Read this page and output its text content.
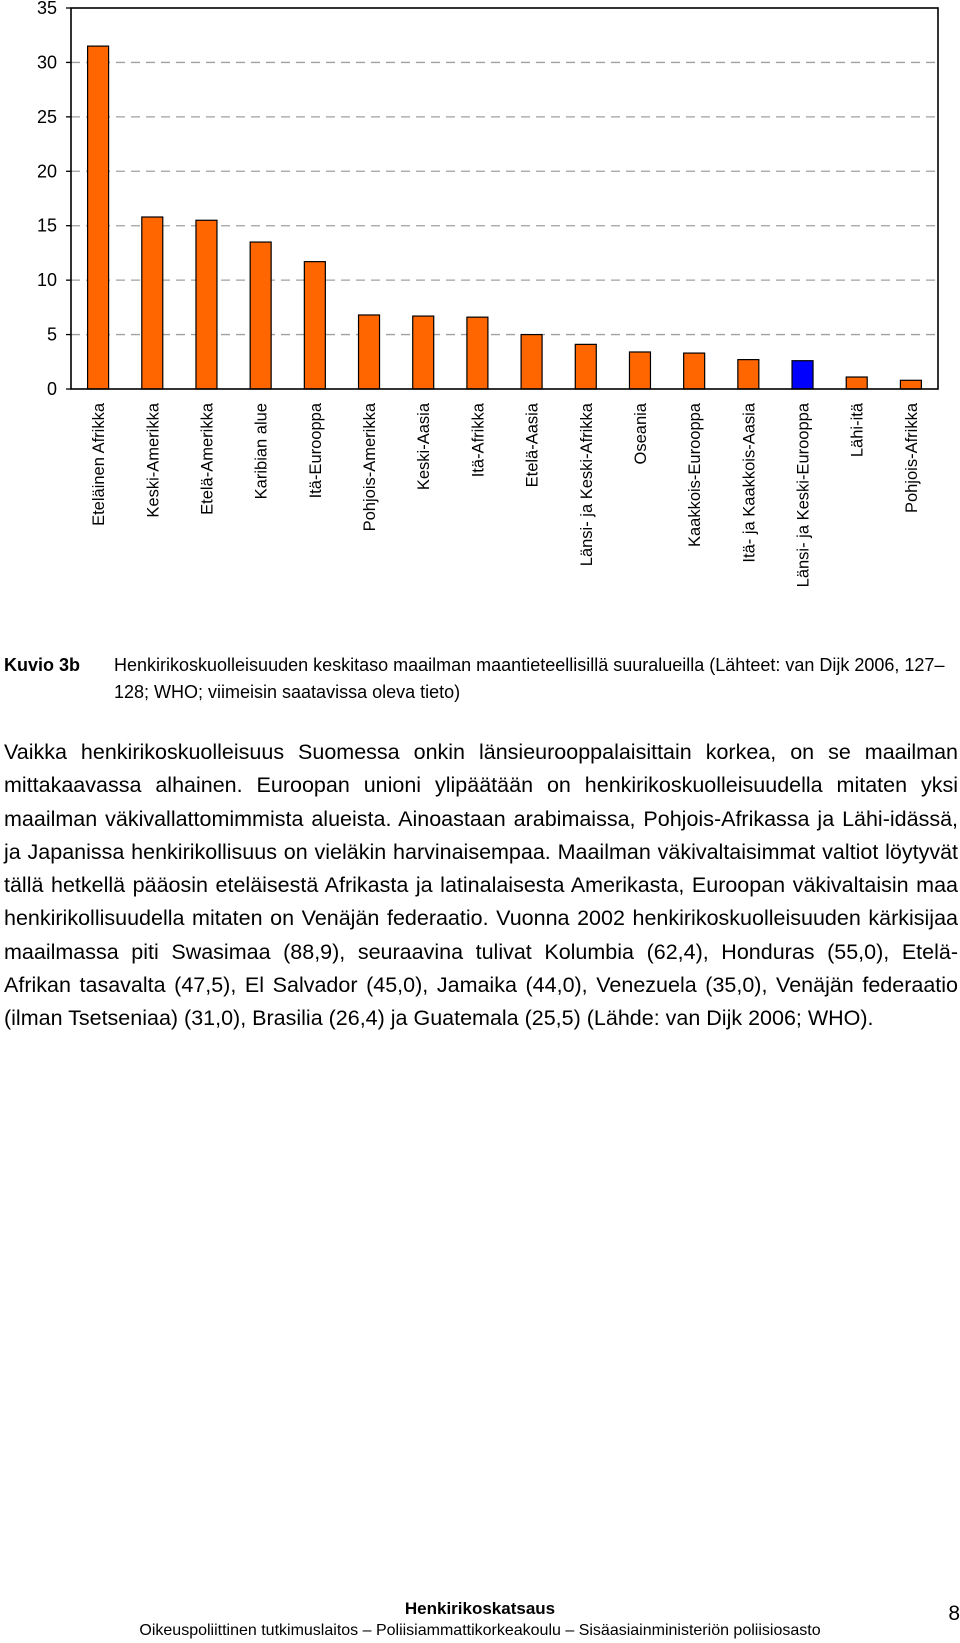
0
5
10
15
20
25
30
35
Eteläinen Afrikka Keski-Amerikka Etelä-Amerikka Karibian alue Itä-Eurooppa Pohjois-Amerikka Keski-Aasia Itä-Afrikka Etelä-Aasia Länsi- ja Keski-Afrikka Oseania Kaakkois-Eurooppa Itä- ja Kaakkois-Aasia Länsi- ja Keski-Eurooppa Lähi-itä Pohjois-Afrikka
Kuvio 3b Henkirikoskuolleisuuden keskitaso maailman maantieteellisillä suuralueilla (Lähteet: van Dijk 2006, 127–128; WHO; viimeisin saatavissa oleva tieto)

Vaikka henkirikoskuolleisuus Suomessa onkin länsieurooppalaisittain korkea, on se maailman mittakaavassa alhainen. Euroopan unioni ylipäätään on henkirikoskuolleisuudella mitaten yksi maailman väkivallattomimmista alueista. Ainoastaan arabimaissa, Pohjois-Afrikassa ja Lähi-idässä, ja Japanissa henkirikollisuus on vieläkin harvinaisempaa. Maailman väkivaltaisimmat valtiot löytyvät tällä hetkellä pääosin eteläisestä Afrikasta ja latinalaisesta Amerikasta, Euroopan väkivaltaisin maa henkirikollisuudella mitaten on Venäjän federaatio. Vuonna 2002 henkirikoskuolleisuuden kärkisijaa maailmassa piti Swasimaa (88,9), seuraavina tulivat Kolumbia (62,4), Honduras (55,0), Etelä-Afrikan tasavalta (47,5), El Salvador (45,0), Jamaika (44,0), Venezuela (35,0), Venäjän federaatio (ilman Tsetseniaa) (31,0), Brasilia (26,4) ja Guatemala (25,5) (Lähde: van Dijk 2006; WHO).

Henkirikoskatsaus
Oikeuspoliittinen tutkimuslaitos – Poliisiammattikorkeakoulu – Sisäasiainministeriön poliisiosasto
8
